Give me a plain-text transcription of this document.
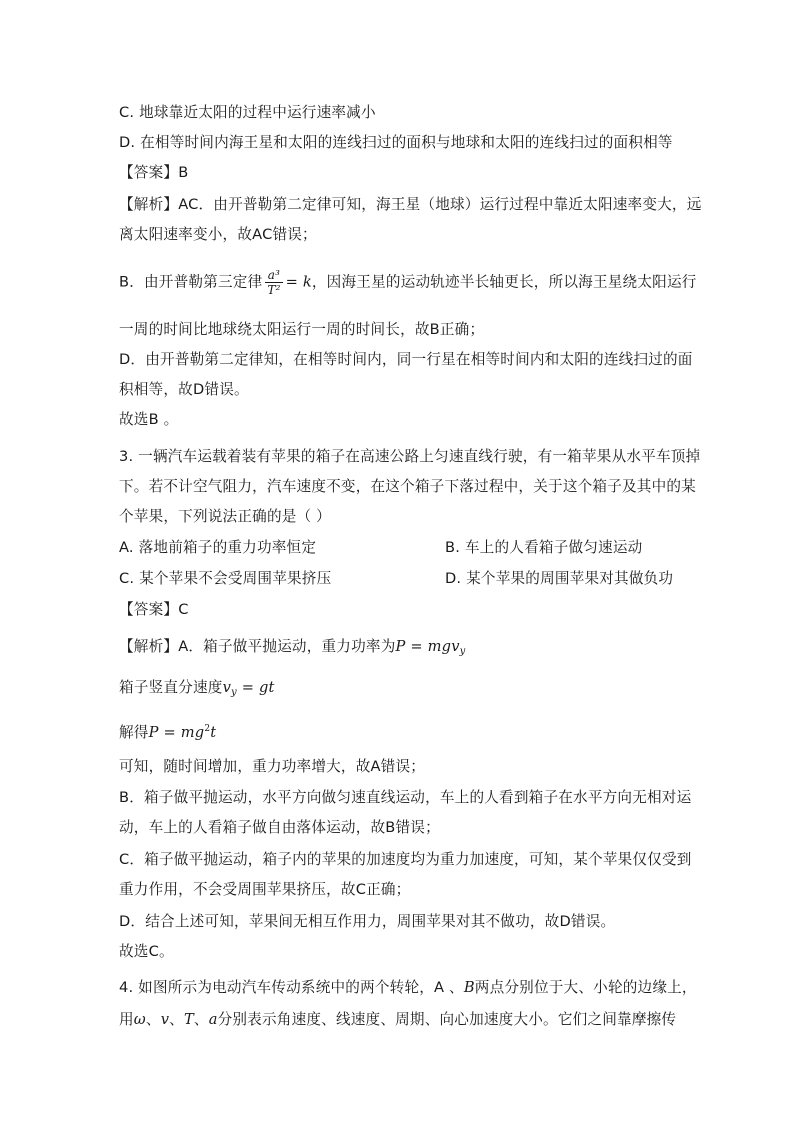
C. 地球靠近太阳的过程中运行速率减小
D. 在相等时间内海王星和太阳的连线扫过的面积与地球和太阳的连线扫过的面积相等
【答案】B
【解析】AC．由开普勒第二定律可知，海王星（地球）运行过程中靠近太阳速率变大，远
离太阳速率变小，故AC错误；
B．由开普勒第三定律 $\frac{\text{a³}}{\text{T²}} = k$，因海王星的运动轨迹半长轴更长，所以海王星绕太阳运行
一周的时间比地球绕太阳运行一周的时间长，故B正确；
D．由开普勒第二定律知，在相等时间内，同一行星在相等时间内和太阳的连线扫过的面
积相等，故D错误。
故选B 。
3. 一辆汽车运载着装有苹果的箱子在高速公路上匀速直线行驶，有一箱苹果从水平车顶掉
下。若不计空气阻力，汽车速度不变，在这个箱子下落过程中，关于这个箱子及其中的某
个苹果，下列说法正确的是（ ）
A. 落地前箱子的重力功率恒定	B. 车上的人看箱子做匀速运动
C. 某个苹果不会受周围苹果挤压	D. 某个苹果的周围苹果对其做负功
【答案】C
【解析】A．箱子做平抛运动，重力功率为P = mgv$_y$
箱子竖直分速度$v_y$ = gt
解得$P = mg^2t$
可知，随时间增加，重力功率增大，故A错误；
B．箱子做平抛运动，水平方向做匀速直线运动，车上的人看到箱子在水平方向无相对运
动，车上的人看箱子做自由落体运动，故B错误；
C．箱子做平抛运动，箱子内的苹果的加速度均为重力加速度，可知，某个苹果仅仅受到
重力作用，不会受周围苹果挤压，故C正确；
D．结合上述可知，苹果间无相互作用力，周围苹果对其不做功，故D错误。
故选C。
4. 如图所示为电动汽车传动系统中的两个转轮，A 、B两点分别位于大、小轮的边缘上，
用ω、v、T、a分别表示角速度、线速度、周期、向心加速度大小。它们之间靠摩擦传
